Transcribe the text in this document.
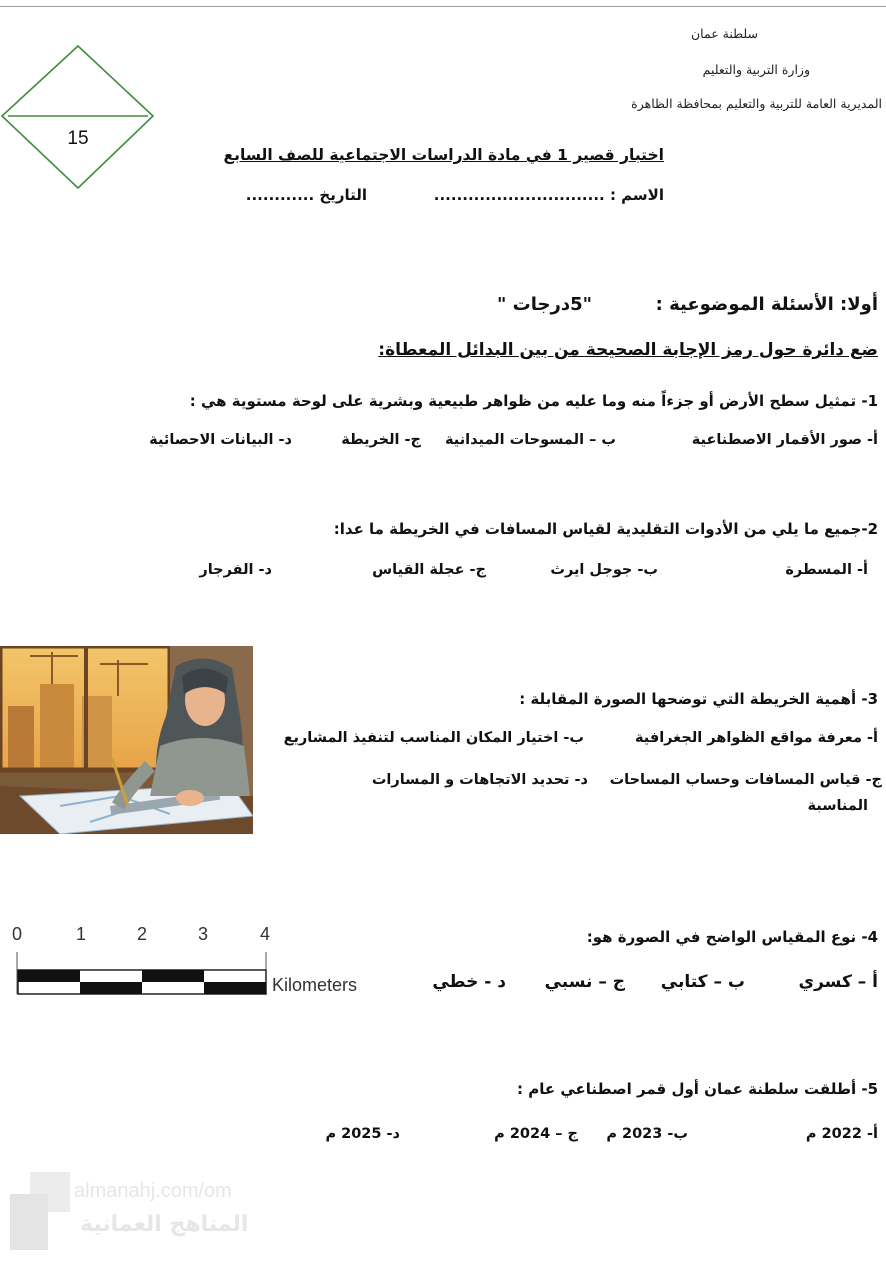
سلطنة عمان
وزارة التربية والتعليم
المديرية العامة للتربية والتعليم بمحافظة الظاهرة
15
اختبار قصير 1 في مادة الدراسات الاجتماعية للصف السابع
الاسم : ..............................
التاريخ ............
أولا: الأسئلة الموضوعية :
"5درجات "
ضع دائرة حول رمز الإجابة الصحيحة من بين البدائل المعطاة:
1- تمثيل سطح الأرض أو جزءاً منه وما عليه من ظواهر طبيعية وبشرية على لوحة مستوية هي :
أ- صور الأقمار الاصطناعية
ب – المسوحات الميدانية
ج- الخريطة
د- البيانات الاحصائية
2-جميع ما يلي من الأدوات التقليدية لقياس المسافات في الخريطة ما عدا:
أ- المسطرة
ب- جوجل ايرث
ج- عجلة القياس
د- الفرجار
3- أهمية الخريطة التي توضحها الصورة المقابلة :
أ- معرفة مواقع الظواهر الجغرافية
ب- اختيار المكان المناسب لتنفيذ المشاريع
ج- قياس المسافات وحساب المساحات
د- تحديد الاتجاهات و المسارات
المناسبة
0	1	2	3	4
Kilometers
4- نوع المقياس الواضح في الصورة هو:
أ – كسري
ب – كتابي
ج – نسبي
د - خطي
5- أطلقت سلطنة عمان أول قمر اصطناعي عام :
أ- 2022 م
ب- 2023 م
ج – 2024 م
د- 2025 م
almanahj.com/om
المناهج العمانية
